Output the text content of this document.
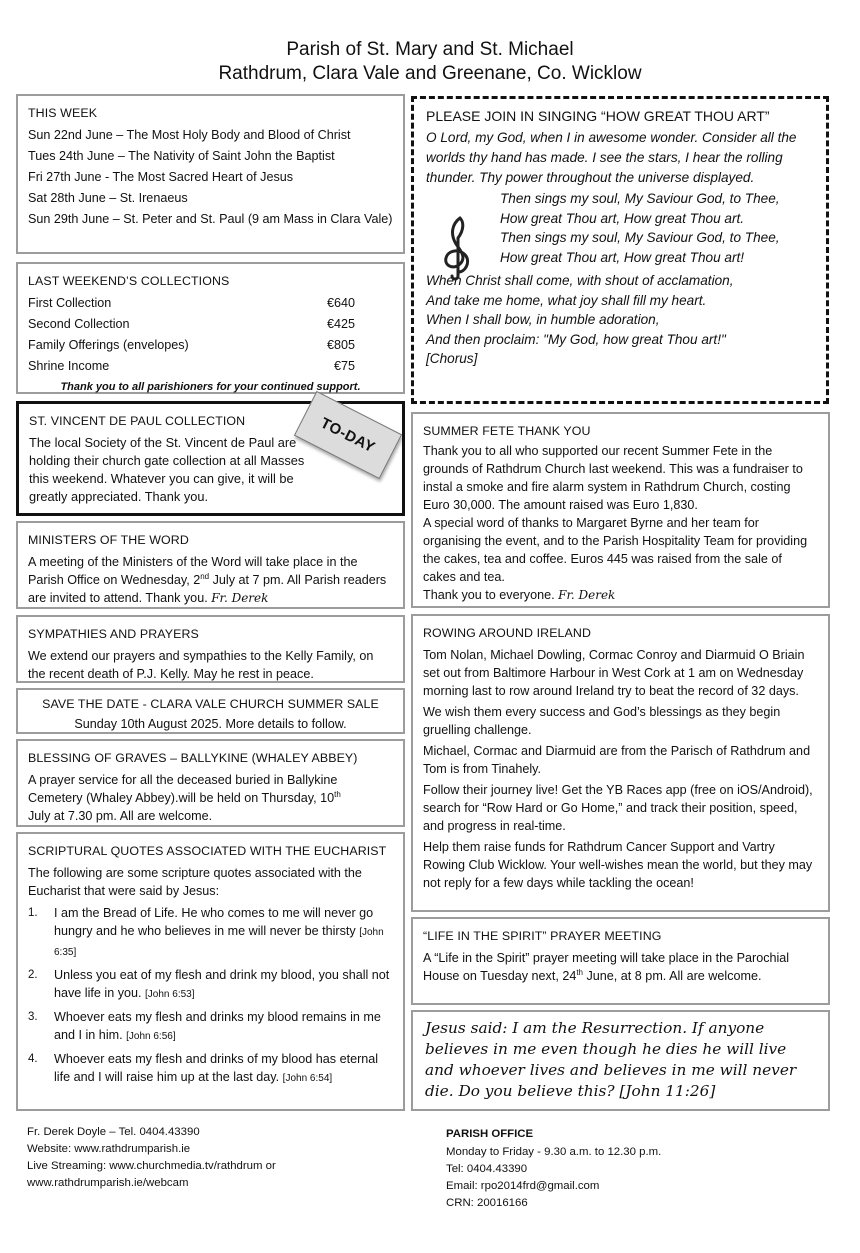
Parish of St. Mary and St. Michael
Rathdrum, Clara Vale and Greenane, Co. Wicklow
THIS WEEK
Sun 22nd June – The Most Holy Body and Blood of Christ
Tues 24th June – The Nativity of Saint John the Baptist
Fri 27th June - The Most Sacred Heart of Jesus
Sat 28th June – St. Irenaeus
Sun 29th June – St. Peter and St. Paul (9 am Mass in Clara Vale)
LAST WEEKEND’S COLLECTIONS
First Collection	€640
Second Collection	€425
Family Offerings (envelopes)	€805
Shrine Income	€75
Thank you to all parishioners for your continued support.
ST. VINCENT DE PAUL COLLECTION
The local Society of the St. Vincent de Paul are holding their church gate collection at all Masses this weekend. Whatever you can give, it will be greatly appreciated. Thank you.
TO-DAY
MINISTERS OF THE WORD
A meeting of the Ministers of the Word will take place in the Parish Office on Wednesday, 2nd July at 7 pm. All Parish readers are invited to attend. Thank you. Fr. Derek
SYMPATHIES AND PRAYERS
We extend our prayers and sympathies to the Kelly Family, on the recent death of P.J. Kelly. May he rest in peace.
SAVE THE DATE - CLARA VALE CHURCH SUMMER SALE
Sunday 10th August 2025. More details to follow.
BLESSING OF GRAVES – BALLYKINE (WHALEY ABBEY)
A prayer service for all the deceased buried in Ballykine Cemetery (Whaley Abbey).will be held on Thursday, 10th July at 7.30 pm. All are welcome.
SCRIPTURAL QUOTES ASSOCIATED WITH THE EUCHARIST
The following are some scripture quotes associated with the Eucharist that were said by Jesus:
1.	I am the Bread of Life. He who comes to me will never go hungry and he who believes in me will never be thirsty [John 6:35]
2.	Unless you eat of my flesh and drink my blood, you shall not have life in you. [John 6:53]
3.	Whoever eats my flesh and drinks my blood remains in me and I in him. [John 6:56]
4.	Whoever eats my flesh and drinks of my blood has eternal life and I will raise him up at the last day. [John 6:54]
PLEASE JOIN IN SINGING “HOW GREAT THOU ART”
O Lord, my God, when I in awesome wonder. Consider all the worlds thy hand has made. I see the stars, I hear the rolling thunder. Thy power throughout the universe displayed.
Then sings my soul, My Saviour God, to Thee,
How great Thou art, How great Thou art.
Then sings my soul, My Saviour God, to Thee,
How great Thou art, How great Thou art!
When Christ shall come, with shout of acclamation,
And take me home, what joy shall fill my heart.
When I shall bow, in humble adoration,
And then proclaim: "My God, how great Thou art!"
[Chorus]
SUMMER FETE THANK YOU
Thank you to all who supported our recent Summer Fete in the grounds of Rathdrum Church last weekend. This was a fundraiser to instal a smoke and fire alarm system in Rathdrum Church, costing Euro 30,000. The amount raised was Euro 1,830.
A special word of thanks to Margaret Byrne and her team for organising the event, and to the Parish Hospitality Team for providing the cakes, tea and coffee. Euros 445 was raised from the sale of cakes and tea.
Thank you to everyone. Fr. Derek
ROWING AROUND IRELAND
Tom Nolan, Michael Dowling, Cormac Conroy and Diarmuid O Briain set out from Baltimore Harbour in West Cork at 1 am on Wednesday morning last to row around Ireland try to beat the record of 32 days.
We wish them every success and God’s blessings as they begin gruelling challenge.
Michael, Cormac and Diarmuid are from the Parisch of Rathdrum and Tom is from Tinahely.
Follow their journey live! Get the YB Races app (free on iOS/Android), search for “Row Hard or Go Home,” and track their position, speed, and progress in real-time.
Help them raise funds for Rathdrum Cancer Support and Vartry Rowing Club Wicklow. Your well-wishes mean the world, but they may not reply for a few days while tackling the ocean!
“LIFE IN THE SPIRIT” PRAYER MEETING
A “Life in the Spirit” prayer meeting will take place in the Parochial House on Tuesday next, 24th June, at 8 pm. All are welcome.
Jesus said: I am the Resurrection. If anyone believes in me even though he dies he will live and whoever lives and believes in me will never die. Do you believe this? [John 11:26]
Fr. Derek Doyle – Tel. 0404.43390
Website: www.rathdrumparish.ie
Live Streaming: www.churchmedia.tv/rathdrum or
www.rathdrumparish.ie/webcam
PARISH OFFICE
Monday to Friday - 9.30 a.m. to 12.30 p.m.
Tel: 0404.43390
Email: rpo2014frd@gmail.com
CRN: 20016166
